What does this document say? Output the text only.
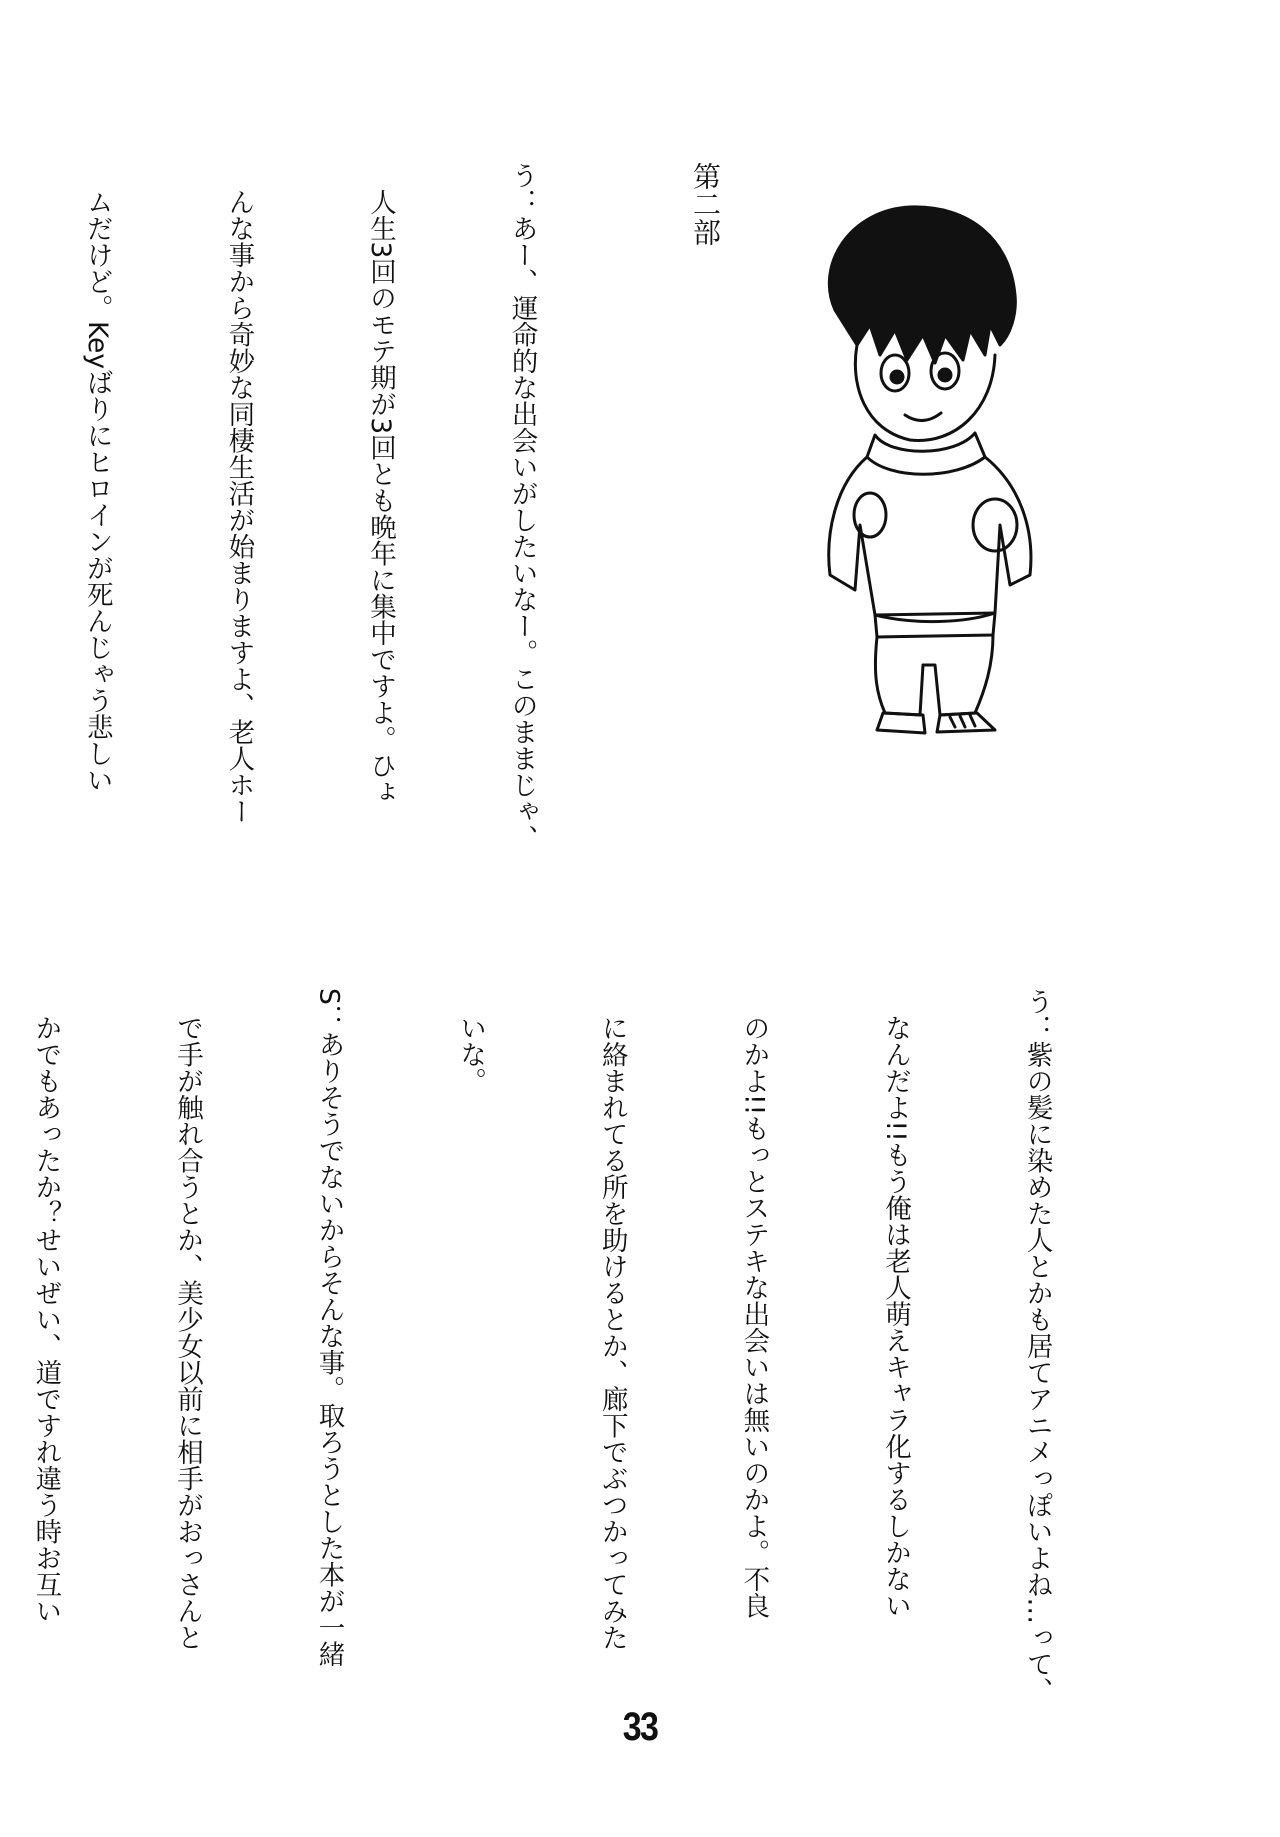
第二部

う：あー、運命的な出会いがしたいなー。このままじゃ、

　人生3回のモテ期が3回とも晩年に集中ですよ。ひょ

　んな事から奇妙な同棲生活が始まりますよ、老人ホー

　ムだけど。Keyばりにヒロインが死んじゃう悲しい

う：紫の髪に染めた人とかも居てアニメっぽいよね…って、

　なんだよ!!もう俺は老人萌えキャラ化するしかない

　のかよ!!もっとステキな出会いは無いのかよ。不良

　に絡まれてる所を助けるとか、廊下でぶつかってみた

　いな。

S：ありそうでないからそんな事。取ろうとした本が一緒

　で手が触れ合うとか、美少女以前に相手がおっさんと

　かでもあったか？せいぜい、道ですれ違う時お互い

33
